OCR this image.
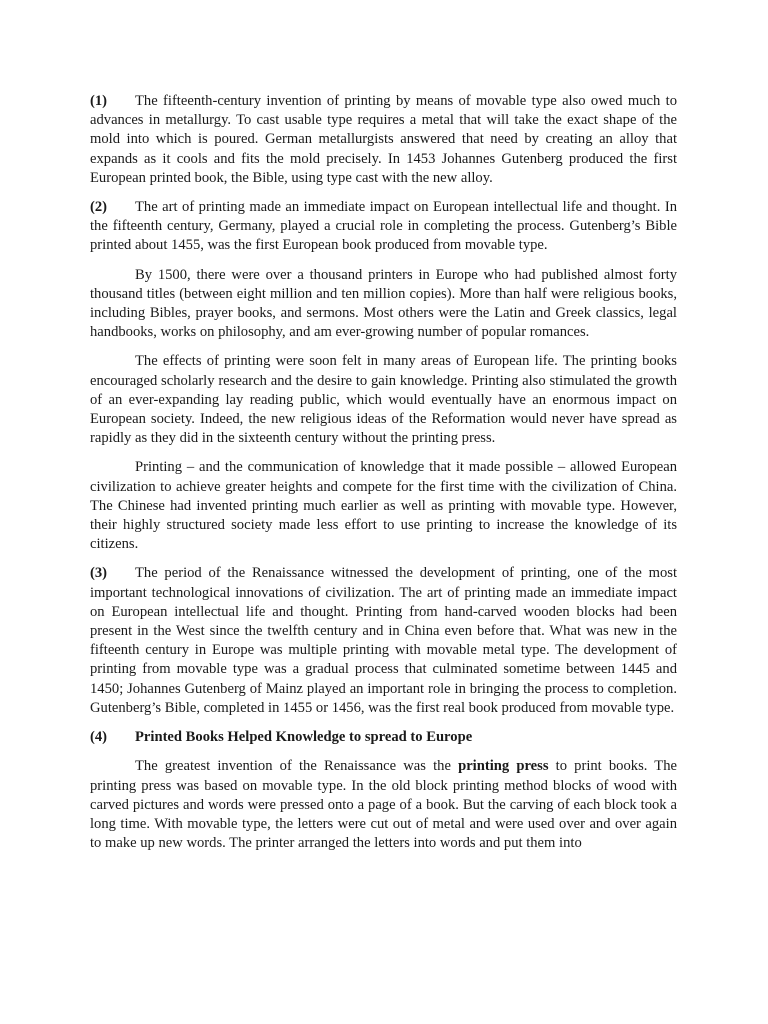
(1) The fifteenth-century invention of printing by means of movable type also owed much to advances in metallurgy. To cast usable type requires a metal that will take the exact shape of the mold into which is poured. German metallurgists answered that need by creating an alloy that expands as it cools and fits the mold precisely. In 1453 Johannes Gutenberg produced the first European printed book, the Bible, using type cast with the new alloy.

(2) The art of printing made an immediate impact on European intellectual life and thought. In the fifteenth century, Germany, played a crucial role in completing the process. Gutenberg’s Bible printed about 1455, was the first European book produced from movable type.

By 1500, there were over a thousand printers in Europe who had published almost forty thousand titles (between eight million and ten million copies). More than half were religious books, including Bibles, prayer books, and sermons. Most others were the Latin and Greek classics, legal handbooks, works on philosophy, and am ever-growing number of popular romances.

The effects of printing were soon felt in many areas of European life. The printing books encouraged scholarly research and the desire to gain knowledge. Printing also stimulated the growth of an ever-expanding lay reading public, which would eventually have an enormous impact on European society. Indeed, the new religious ideas of the Reformation would never have spread as rapidly as they did in the sixteenth century without the printing press.

Printing – and the communication of knowledge that it made possible – allowed European civilization to achieve greater heights and compete for the first time with the civilization of China. The Chinese had invented printing much earlier as well as printing with movable type. However, their highly structured society made less effort to use printing to increase the knowledge of its citizens.

(3) The period of the Renaissance witnessed the development of printing, one of the most important technological innovations of civilization. The art of printing made an immediate impact on European intellectual life and thought. Printing from hand-carved wooden blocks had been present in the West since the twelfth century and in China even before that. What was new in the fifteenth century in Europe was multiple printing with movable metal type. The development of printing from movable type was a gradual process that culminated sometime between 1445 and 1450; Johannes Gutenberg of Mainz played an important role in bringing the process to completion. Gutenberg’s Bible, completed in 1455 or 1456, was the first real book produced from movable type.

(4) Printed Books Helped Knowledge to spread to Europe

The greatest invention of the Renaissance was the printing press to print books. The printing press was based on movable type. In the old block printing method blocks of wood with carved pictures and words were pressed onto a page of a book. But the carving of each block took a long time. With movable type, the letters were cut out of metal and were used over and over again to make up new words. The printer arranged the letters into words and put them into
